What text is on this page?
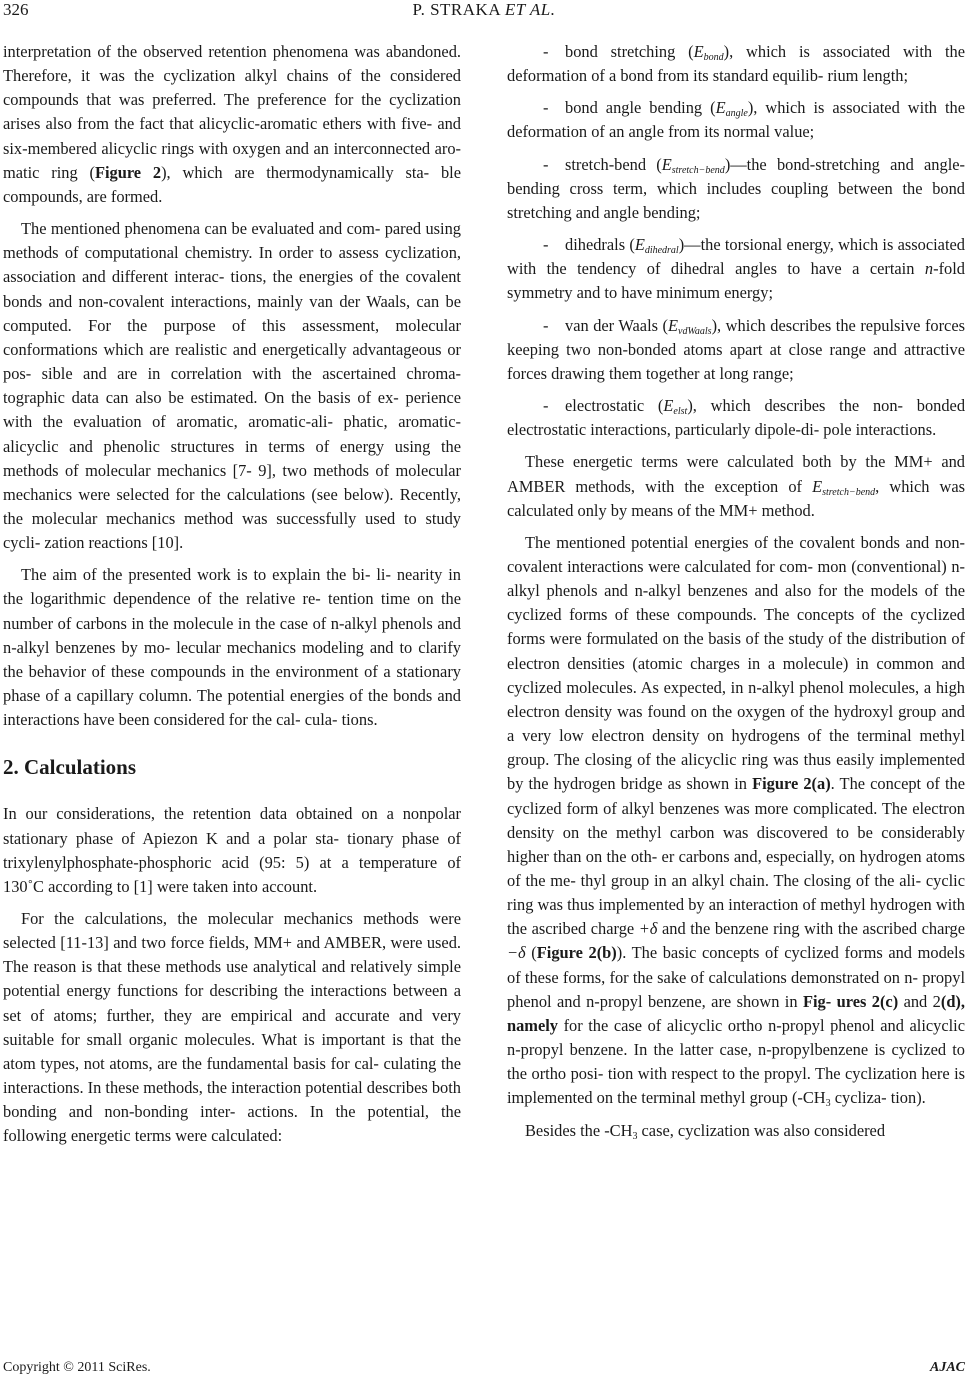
326	P. STRAKA ET AL.

interpretation of the observed retention phenomena was abandoned. Therefore, it was the cyclization alkyl chains of the considered compounds that was preferred. The preference for the cyclization arises also from the fact that alicyclic-aromatic ethers with five- and six-membered alicyclic rings with oxygen and an interconnected aro- matic ring (Figure 2), which are thermodynamically sta- ble compounds, are formed.

The mentioned phenomena can be evaluated and com- pared using methods of computational chemistry. In order to assess cyclization, association and different interac- tions, the energies of the covalent bonds and non-covalent interactions, mainly van der Waals, can be computed. For the purpose of this assessment, molecular conformations which are realistic and energetically advantageous or pos- sible and are in correlation with the ascertained chroma- tographic data can also be estimated. On the basis of ex- perience with the evaluation of aromatic, aromatic-ali- phatic, aromatic-alicyclic and phenolic structures in terms of energy using the methods of molecular mechanics [7- 9], two methods of molecular mechanics were selected for the calculations (see below). Recently, the molecular mechanics method was successfully used to study cycli- zation reactions [10].

The aim of the presented work is to explain the bi- li- nearity in the logarithmic dependence of the relative re- tention time on the number of carbons in the molecule in the case of n-alkyl phenols and n-alkyl benzenes by mo- lecular mechanics modeling and to clarify the behavior of these compounds in the environment of a stationary phase of a capillary column. The potential energies of the bonds and interactions have been considered for the cal- cula- tions.

2. Calculations

In our considerations, the retention data obtained on a nonpolar stationary phase of Apiezon K and a polar sta- tionary phase of trixylenylphosphate-phosphoric acid (95: 5) at a temperature of 130˚C according to [1] were taken into account.

For the calculations, the molecular mechanics methods were selected [11-13] and two force fields, MM+ and AMBER, were used. The reason is that these methods use analytical and relatively simple potential energy functions for describing the interactions between a set of atoms; further, they are empirical and accurate and very suitable for small organic molecules. What is important is that the atom types, not atoms, are the fundamental basis for cal- culating the interactions. In these methods, the interaction potential describes both bonding and non-bonding inter- actions. In the potential, the following energetic terms were calculated:

- bond stretching $(E_{bond})$, which is associated with the deformation of a bond from its standard equilib- rium length;

- bond angle bending $(E_{angle})$, which is associated with the deformation of an angle from its normal value;

- stretch-bend $(E_{stretch-bend})—the$ bond-stretching and angle-bending cross term, which includes coupling between the bond stretching and angle bending;

- dihedrals $(E_{dihedral})—the$ torsional energy, which is associated with the tendency of dihedral angles to have a certain n-fold symmetry and to have minimum energy;

- van der Waals $(E_{vdWaals})$, which describes the repulsive forces keeping two non-bonded atoms apart at close range and attractive forces drawing them together at long range;

- electrostatic $(E_{elst})$, which describes the non- bonded electrostatic interactions, particularly dipole-di- pole interactions.

These energetic terms were calculated both by the MM+ and AMBER methods, with the exception of $E_{stretch-bend}$, which was calculated only by means of the MM+ method.

The mentioned potential energies of the covalent bonds and non-covalent interactions were calculated for com- mon (conventional) n-alkyl phenols and n-alkyl benzenes and also for the models of the cyclized forms of these compounds. The concepts of the cyclized forms were formulated on the basis of the study of the distribution of electron densities (atomic charges in a molecule) in common and cyclized molecules. As expected, in n-alkyl phenol molecules, a high electron density was found on the oxygen of the hydroxyl group and a very low electron density on hydrogens of the terminal methyl group. The closing of the alicyclic ring was thus easily implemented by the hydrogen bridge as shown in Figure 2(a). The concept of the cyclized form of alkyl benzenes was more complicated. The electron density on the methyl carbon was discovered to be considerably higher than on the oth- er carbons and, especially, on hydrogen atoms of the me- thyl group in an alkyl chain. The closing of the ali- cyclic ring was thus implemented by an interaction of methyl hydrogen with the ascribed charge +δ and the benzene ring with the ascribed charge −δ (Figure 2(b)). The basic concepts of cyclized forms and models of these forms, for the sake of calculations demonstrated on n- propyl phenol and n-propyl benzene, are shown in Fig- ures 2(c) and 2(d), namely for the case of alicyclic ortho n-propyl phenol and alicyclic n-propyl benzene. In the latter case, n-propylbenzene is cyclized to the ortho posi- tion with respect to the propyl. The cyclization here is implemented on the terminal methyl group ($-CH_3$ cycliza- tion).

Besides the $-CH_3$ case, cyclization was also considered

Copyright © 2011 SciRes.	AJAC
